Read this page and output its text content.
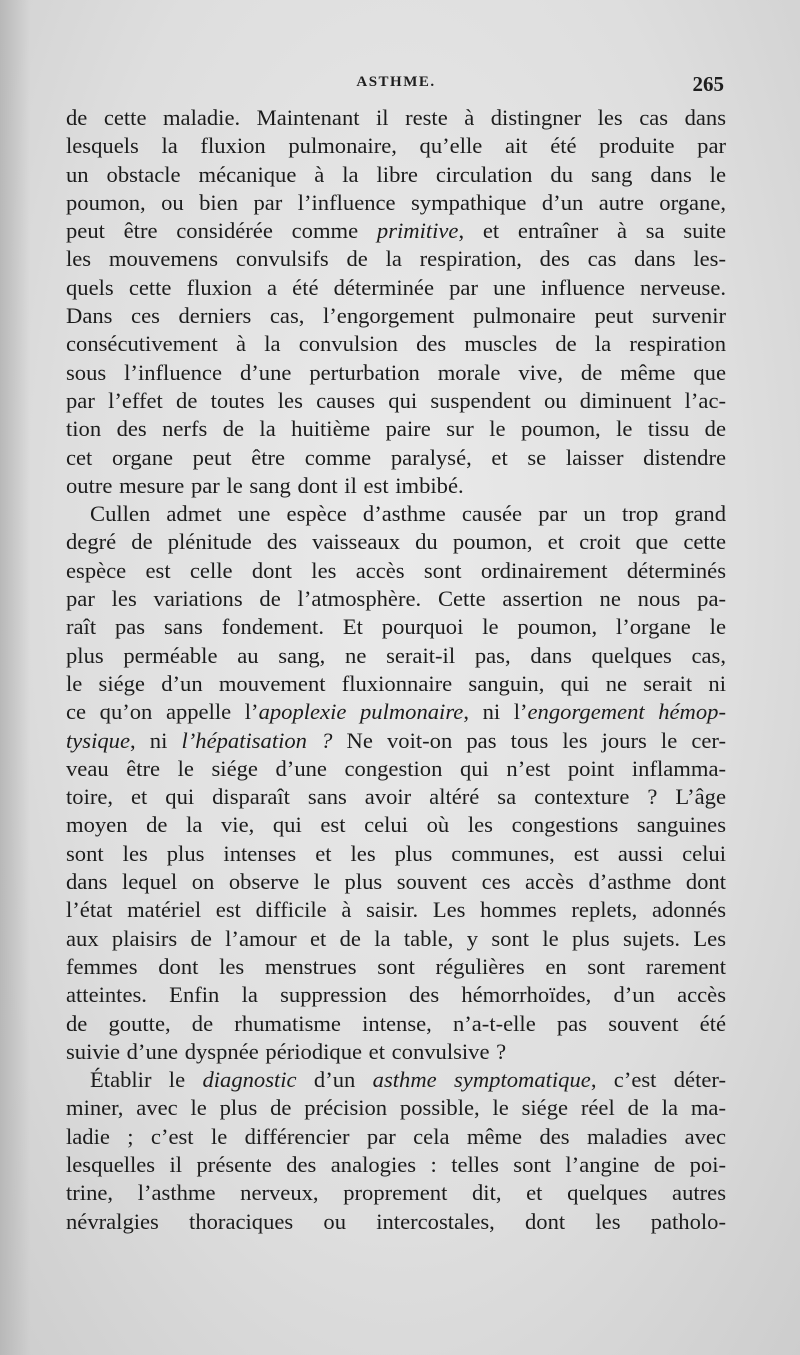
ASTHME.	265
de cette maladie. Maintenant il reste à distingner les cas dans
lesquels la fluxion pulmonaire, qu’elle ait été produite par
un obstacle mécanique à la libre circulation du sang dans le
poumon, ou bien par l’influence sympathique d’un autre organe,
peut être considérée comme primitive, et entraîner à sa suite
les mouvemens convulsifs de la respiration, des cas dans les-
quels cette fluxion a été déterminée par une influence nerveuse.
Dans ces derniers cas, l’engorgement pulmonaire peut survenir
consécutivement à la convulsion des muscles de la respiration
sous l’influence d’une perturbation morale vive, de même que
par l’effet de toutes les causes qui suspendent ou diminuent l’ac-
tion des nerfs de la huitième paire sur le poumon, le tissu de
cet organe peut être comme paralysé, et se laisser distendre
outre mesure par le sang dont il est imbibé.
Cullen admet une espèce d’asthme causée par un trop grand
degré de plénitude des vaisseaux du poumon, et croit que cette
espèce est celle dont les accès sont ordinairement déterminés
par les variations de l’atmosphère. Cette assertion ne nous pa-
raît pas sans fondement. Et pourquoi le poumon, l’organe le
plus perméable au sang, ne serait-il pas, dans quelques cas,
le siége d’un mouvement fluxionnaire sanguin, qui ne serait ni
ce qu’on appelle l’apoplexie pulmonaire, ni l’engorgement hémop-
tysique, ni l’hépatisation ? Ne voit-on pas tous les jours le cer-
veau être le siége d’une congestion qui n’est point inflamma-
toire, et qui disparaît sans avoir altéré sa contexture ? L’âge
moyen de la vie, qui est celui où les congestions sanguines
sont les plus intenses et les plus communes, est aussi celui
dans lequel on observe le plus souvent ces accès d’asthme dont
l’état matériel est difficile à saisir. Les hommes replets, adonnés
aux plaisirs de l’amour et de la table, y sont le plus sujets. Les
femmes dont les menstrues sont régulières en sont rarement
atteintes. Enfin la suppression des hémorrhoïdes, d’un accès
de goutte, de rhumatisme intense, n’a-t-elle pas souvent été
suivie d’une dyspnée périodique et convulsive ?
Établir le diagnostic d’un asthme symptomatique, c’est déter-
miner, avec le plus de précision possible, le siége réel de la ma-
ladie ; c’est le différencier par cela même des maladies avec
lesquelles il présente des analogies : telles sont l’angine de poi-
trine, l’asthme nerveux, proprement dit, et quelques autres
névralgies thoraciques ou intercostales, dont les patholo-
